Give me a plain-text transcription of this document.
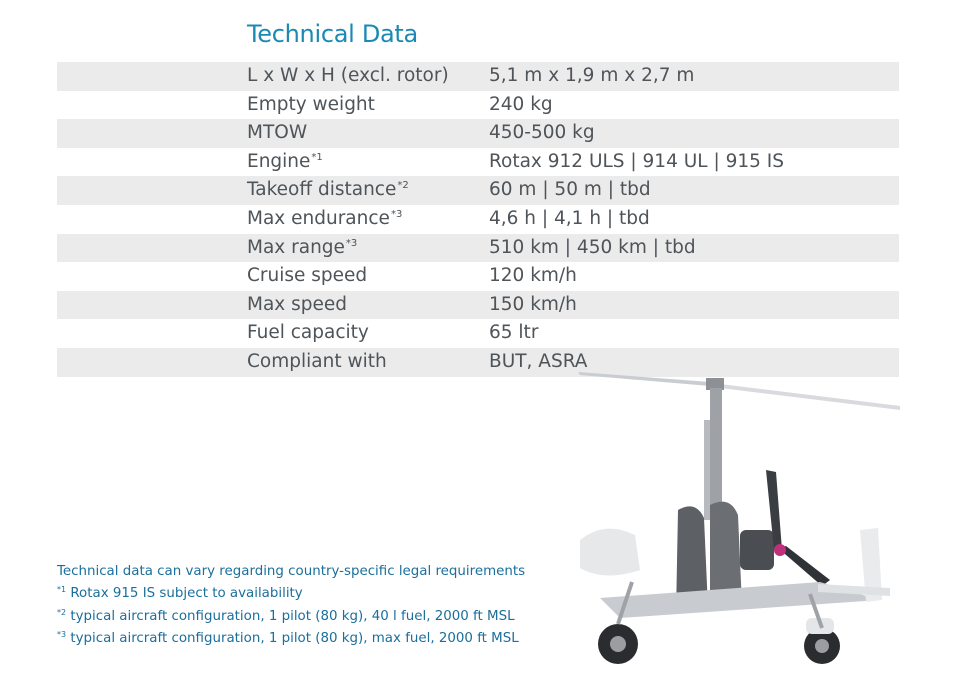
Technical Data
L x W x H (excl. rotor) 5,1 m x 1,9 m x 2,7 m
Empty weight	240 kg
MTOW	450-500 kg
Engine$^{*1}$	Rotax 912 ULS | 914 UL | 915 IS
Takeoff distance$^{*2}$	60 m | 50 m | tbd
Max endurance$^{*3}$	4,6 h | 4,1 h | tbd
Max range$^{*3}$	510 km | 450 km | tbd
Cruise speed	120 km/h
Max speed	150 km/h
Fuel capacity	65 ltr
Compliant with	BUT, ASRA
Technical data can vary regarding country-specific legal requirements
$^{*1}$ Rotax 915 IS subject to availability
$^{*2}$ typical aircraft configuration, 1 pilot (80 kg), 40 l fuel, 2000 ft MSL
$^{*3}$ typical aircraft configuration, 1 pilot (80 kg), max fuel, 2000 ft MSL
